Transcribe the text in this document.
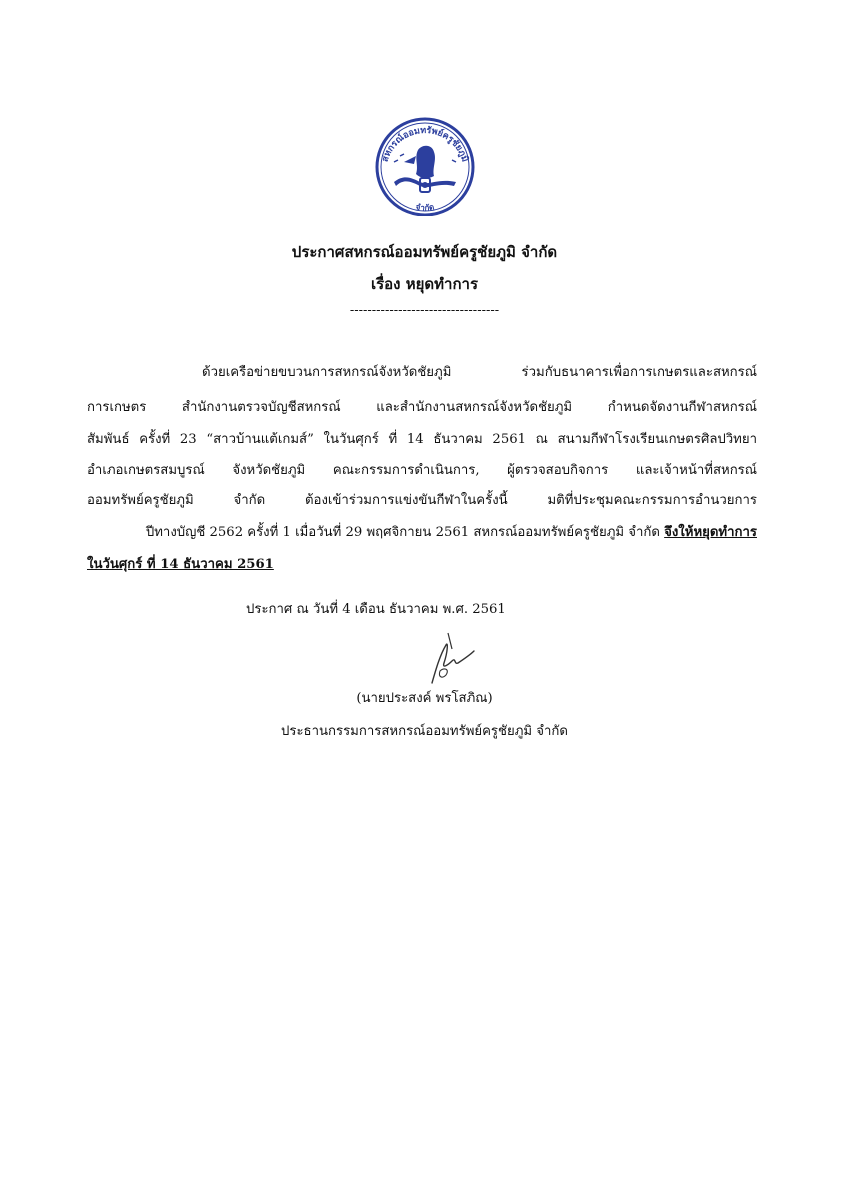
สหกรณ์ออมทรัพย์ครูชัยภูมิ
จำกัด
ประกาศสหกรณ์ออมทรัพย์ครูชัยภูมิ จำกัด
เรื่อง หยุดทำการ
----------------------------------
ด้วยเครือข่ายขบวนการสหกรณ์จังหวัดชัยภูมิ ร่วมกับธนาคารเพื่อการเกษตรและสหกรณ์
การเกษตร สำนักงานตรวจบัญชีสหกรณ์ และสำนักงานสหกรณ์จังหวัดชัยภูมิ กำหนดจัดงานกีฬาสหกรณ์
สัมพันธ์ ครั้งที่ 23 “สาวบ้านแต้เกมส์” ในวันศุกร์ ที่ 14 ธันวาคม 2561 ณ สนามกีฬาโรงเรียนเกษตรศิลปวิทยา
อำเภอเกษตรสมบูรณ์ จังหวัดชัยภูมิ คณะกรรมการดำเนินการ, ผู้ตรวจสอบกิจการ และเจ้าหน้าที่สหกรณ์
ออมทรัพย์ครูชัยภูมิ จำกัด ต้องเข้าร่วมการแข่งขันกีฬาในครั้งนี้ มติที่ประชุมคณะกรรมการอำนวยการ
ปีทางบัญชี 2562 ครั้งที่ 1 เมื่อวันที่ 29 พฤศจิกายน 2561 สหกรณ์ออมทรัพย์ครูชัยภูมิ จำกัด จึงให้หยุดทำการ
ในวันศุกร์ ที่ 14 ธันวาคม 2561
ประกาศ ณ วันที่ 4 เดือน ธันวาคม พ.ศ. 2561
(นายประสงค์ พรโสภิณ)
ประธานกรรมการสหกรณ์ออมทรัพย์ครูชัยภูมิ จำกัด
